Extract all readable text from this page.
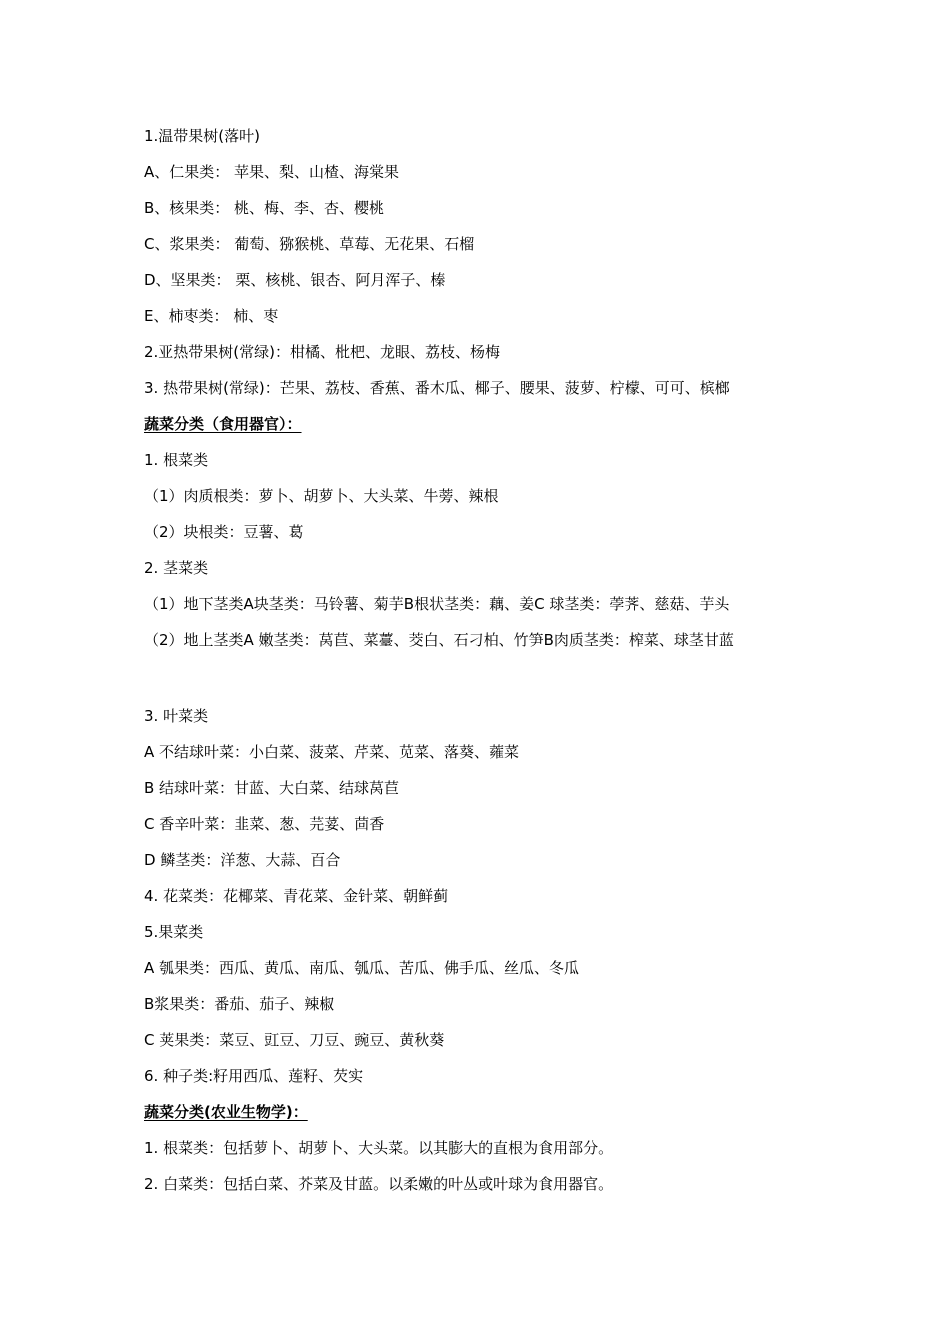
1.温带果树(落叶)
A、仁果类： 苹果、梨、山楂、海棠果
B、核果类： 桃、梅、李、杏、樱桃
C、浆果类： 葡萄、猕猴桃、草莓、无花果、石榴
D、坚果类： 栗、核桃、银杏、阿月浑子、榛
E、柿枣类： 柿、枣
2.亚热带果树(常绿)：柑橘、枇杷、龙眼、荔枝、杨梅
3. 热带果树(常绿)：芒果、荔枝、香蕉、番木瓜、椰子、腰果、菠萝、柠檬、可可、槟榔
蔬菜分类（食用器官）：
1. 根菜类
（1）肉质根类：萝卜、胡萝卜、大头菜、牛蒡、辣根
（2）块根类：豆薯、葛
2. 茎菜类
（1）地下茎类A块茎类：马铃薯、菊芋B根状茎类：藕、姜C 球茎类：荸荠、慈菇、芋头
（2）地上茎类A 嫩茎类：莴苣、菜薹、茭白、石刁柏、竹笋B肉质茎类：榨菜、球茎甘蓝
3. 叶菜类
A 不结球叶菜：小白菜、菠菜、芹菜、苋菜、落葵、蕹菜
B 结球叶菜：甘蓝、大白菜、结球莴苣
C 香辛叶菜：韭菜、葱、芫荽、茴香
D 鳞茎类：洋葱、大蒜、百合
4. 花菜类：花椰菜、青花菜、金针菜、朝鲜蓟
5.果菜类
A 瓠果类：西瓜、黄瓜、南瓜、瓠瓜、苦瓜、佛手瓜、丝瓜、冬瓜
B浆果类：番茄、茄子、辣椒
C 荚果类：菜豆、豇豆、刀豆、豌豆、黄秋葵
6. 种子类:籽用西瓜、莲籽、芡实
蔬菜分类(农业生物学)：
1. 根菜类：包括萝卜、胡萝卜、大头菜。以其膨大的直根为食用部分。
2. 白菜类：包括白菜、芥菜及甘蓝。以柔嫩的叶丛或叶球为食用器官。
